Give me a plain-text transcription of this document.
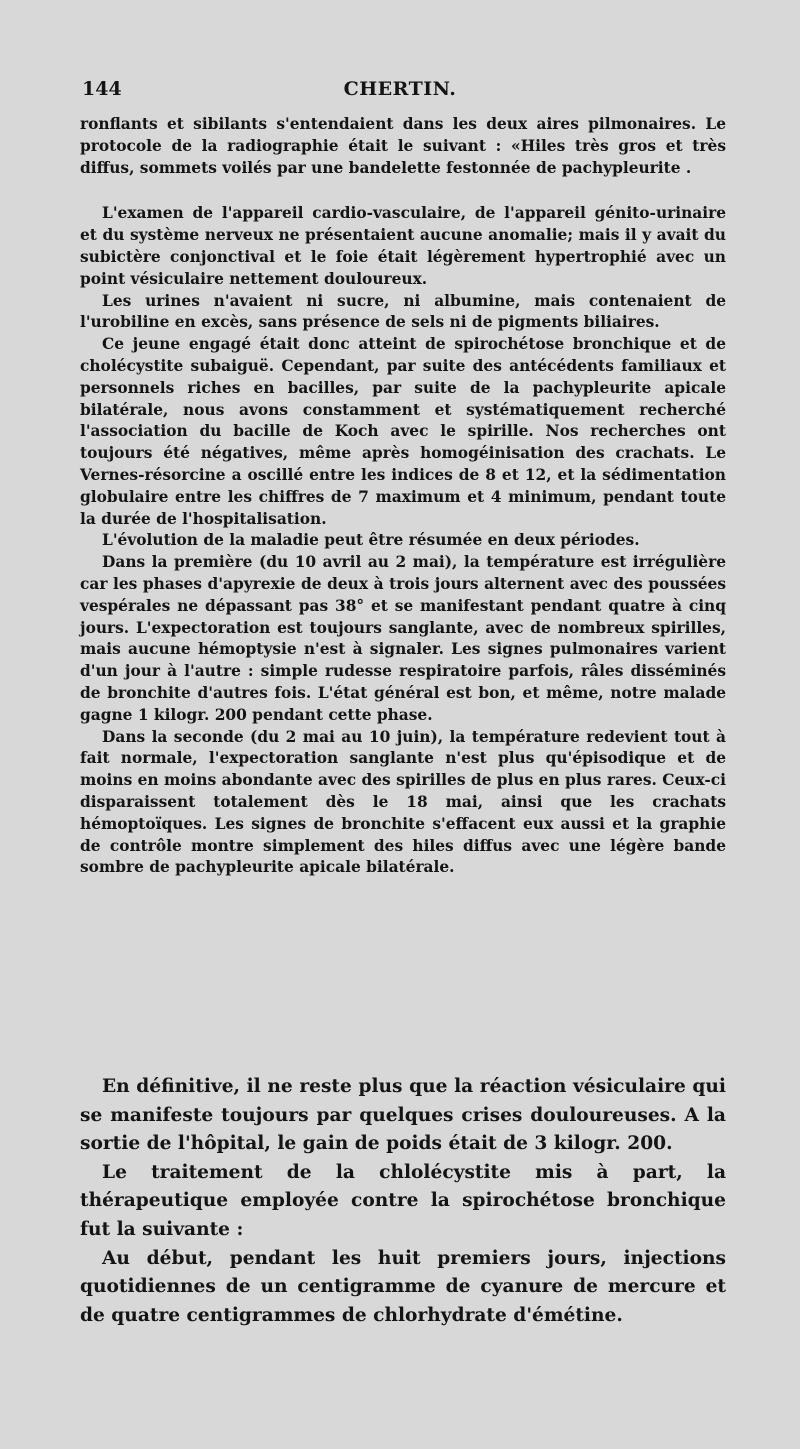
144	CHERTIN.

ronflants et sibilants s'entendaient dans les deux aires pilmonaires. Le protocole de la radiographie était le suivant : «Hiles très gros et très diffus, sommets voilés par une bandelette festonnée de pachypleurite .

L'examen de l'appareil cardio-vasculaire, de l'appareil génito-urinaire et du système nerveux ne présentaient aucune anomalie; mais il y avait du subictère conjonctival et le foie était légèrement hypertrophié avec un point vésiculaire nettement douloureux.

Les urines n'avaient ni sucre, ni albumine, mais contenaient de l'urobiline en excès, sans présence de sels ni de pigments biliaires.

Ce jeune engagé était donc atteint de spirochétose bronchique et de cholécystite subaiguë. Cependant, par suite des antécédents familiaux et personnels riches en bacilles, par suite de la pachypleurite apicale bilatérale, nous avons constamment et systématiquement recherché l'association du bacille de Koch avec le spirille. Nos recherches ont toujours été négatives, même après homogéinisation des crachats. Le Vernes-résorcine a oscillé entre les indices de 8 et 12, et la sédimentation globulaire entre les chiffres de 7 maximum et 4 minimum, pendant toute la durée de l'hospitalisation.

L'évolution de la maladie peut être résumée en deux périodes.

Dans la première (du 10 avril au 2 mai), la température est irrégulière car les phases d'apyrexie de deux à trois jours alternent avec des poussées vespérales ne dépassant pas 38° et se manifestant pendant quatre à cinq jours. L'expectoration est toujours sanglante, avec de nombreux spirilles, mais aucune hémoptysie n'est à signaler. Les signes pulmonaires varient d'un jour à l'autre : simple rudesse respiratoire parfois, râles disséminés de bronchite d'autres fois. L'état général est bon, et même, notre malade gagne 1 kilogr. 200 pendant cette phase.

Dans la seconde (du 2 mai au 10 juin), la température redevient tout à fait normale, l'expectoration sanglante n'est plus qu'épisodique et de moins en moins abondante avec des spirilles de plus en plus rares. Ceux-ci disparaissent totalement dès le 18 mai, ainsi que les crachats hémoptoïques. Les signes de bronchite s'effacent eux aussi et la graphie de contrôle montre simplement des hiles diffus avec une légère bande sombre de pachypleurite apicale bilatérale.

En définitive, il ne reste plus que la réaction vésiculaire qui se manifeste toujours par quelques crises douloureuses. A la sortie de l'hôpital, le gain de poids était de 3 kilogr. 200.

Le traitement de la chlolécystite mis à part, la thérapeutique employée contre la spirochétose bronchique fut la suivante :

Au début, pendant les huit premiers jours, injections quotidiennes de un centigramme de cyanure de mercure et de quatre centigrammes de chlorhydrate d'émétine.
